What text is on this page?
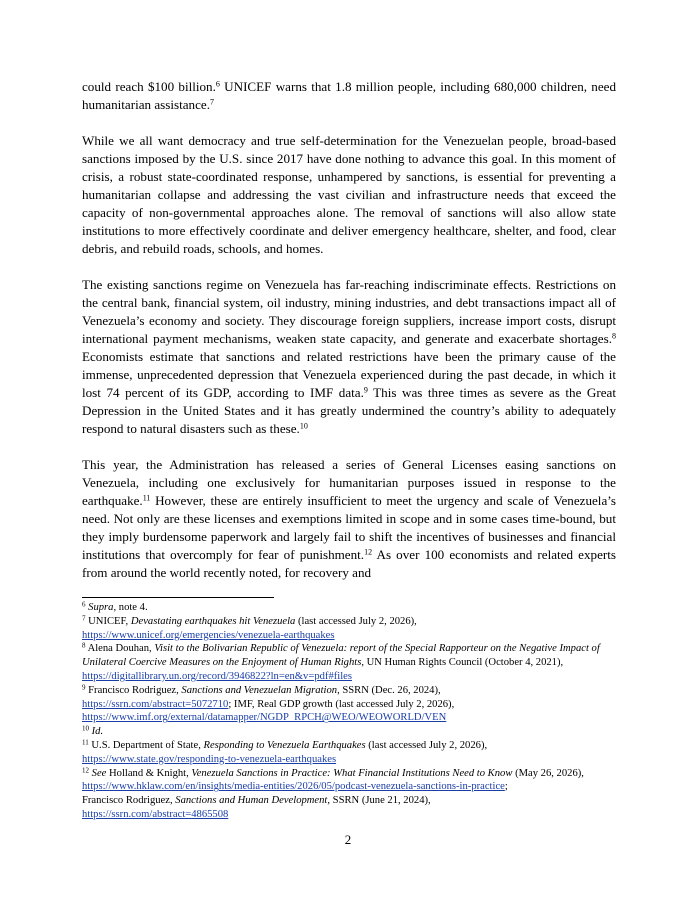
could reach $100 billion.$^6$ UNICEF warns that 1.8 million people, including 680,000 children, need humanitarian assistance.$^7$

While we all want democracy and true self-determination for the Venezuelan people, broad-based sanctions imposed by the U.S. since 2017 have done nothing to advance this goal. In this moment of crisis, a robust state-coordinated response, unhampered by sanctions, is essential for preventing a humanitarian collapse and addressing the vast civilian and infrastructure needs that exceed the capacity of non-governmental approaches alone. The removal of sanctions will also allow state institutions to more effectively coordinate and deliver emergency healthcare, shelter, and food, clear debris, and rebuild roads, schools, and homes.

The existing sanctions regime on Venezuela has far-reaching indiscriminate effects. Restrictions on the central bank, financial system, oil industry, mining industries, and debt transactions impact all of Venezuela’s economy and society. They discourage foreign suppliers, increase import costs, disrupt international payment mechanisms, weaken state capacity, and generate and exacerbate shortages.$^8$ Economists estimate that sanctions and related restrictions have been the primary cause of the immense, unprecedented depression that Venezuela experienced during the past decade, in which it lost 74 percent of its GDP, according to IMF data.$^9$ This was three times as severe as the Great Depression in the United States and it has greatly undermined the country’s ability to adequately respond to natural disasters such as these.$^{10}$

This year, the Administration has released a series of General Licenses easing sanctions on Venezuela, including one exclusively for humanitarian purposes issued in response to the earthquake.$^{11}$ However, these are entirely insufficient to meet the urgency and scale of Venezuela’s need. Not only are these licenses and exemptions limited in scope and in some cases time-bound, but they imply burdensome paperwork and largely fail to shift the incentives of businesses and financial institutions that overcomply for fear of punishment.$^{12}$ As over 100 economists and related experts from around the world recently noted, for recovery and

$^6$ Supra, note 4.
$^7$ UNICEF, Devastating earthquakes hit Venezuela (last accessed July 2, 2026),
https://www.unicef.org/emergencies/venezuela-earthquakes
$^8$ Alena Douhan, Visit to the Bolivarian Republic of Venezuela: report of the Special Rapporteur on the Negative Impact of Unilateral Coercive Measures on the Enjoyment of Human Rights, UN Human Rights Council (October 4, 2021), https://digitallibrary.un.org/record/3946822?ln=en&v=pdf#files
$^9$ Francisco Rodriguez, Sanctions and Venezuelan Migration, SSRN (Dec. 26, 2024),
https://ssrn.com/abstract=5072710; IMF, Real GDP growth (last accessed July 2, 2026),
https://www.imf.org/external/datamapper/NGDP_RPCH@WEO/WEOWORLD/VEN
$^{10}$ Id.
$^{11}$ U.S. Department of State, Responding to Venezuela Earthquakes (last accessed July 2, 2026),
https://www.state.gov/responding-to-venezuela-earthquakes
$^{12}$ See Holland & Knight, Venezuela Sanctions in Practice: What Financial Institutions Need to Know (May 26, 2026), https://www.hklaw.com/en/insights/media-entities/2026/05/podcast-venezuela-sanctions-in-practice;
Francisco Rodriguez, Sanctions and Human Development, SSRN (June 21, 2024),
https://ssrn.com/abstract=4865508
2
